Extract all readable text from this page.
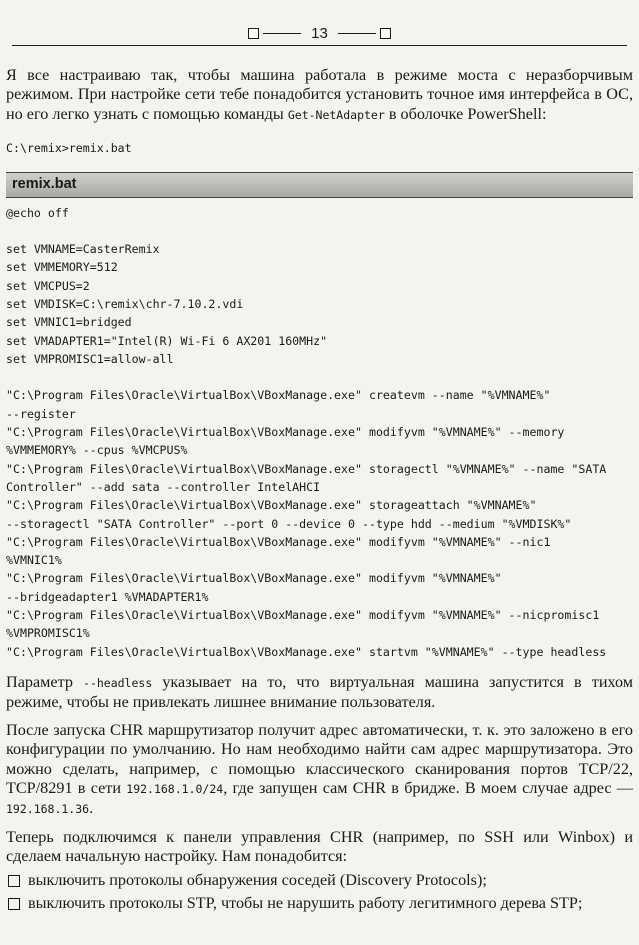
13

Я все настраиваю так, чтобы машина работала в режиме моста с неразборчивым режимом. При настройке сети тебе понадобится установить точное имя интерфейса в ОС, но его легко узнать с помощью команды Get-NetAdapter в оболочке PowerShell:

C:\remix>remix.bat

remix.bat

@echo off

set VMNAME=CasterRemix

set VMMEMORY=512

set VMCPUS=2

set VMDISK=C:\remix\chr-7.10.2.vdi

set VMNIC1=bridged

set VMADAPTER1="Intel(R) Wi-Fi 6 AX201 160MHz"

set VMPROMISC1=allow-all

"C:\Program Files\Oracle\VirtualBox\VBoxManage.exe" createvm --name "%VMNAME%"

--register

"C:\Program Files\Oracle\VirtualBox\VBoxManage.exe" modifyvm "%VMNAME%" --memory

%VMMEMORY% --cpus %VMCPUS%

"C:\Program Files\Oracle\VirtualBox\VBoxManage.exe" storagectl "%VMNAME%" --name "SATA

Controller" --add sata --controller IntelAHCI

"C:\Program Files\Oracle\VirtualBox\VBoxManage.exe" storageattach "%VMNAME%"

--storagectl "SATA Controller" --port 0 --device 0 --type hdd --medium "%VMDISK%"

"C:\Program Files\Oracle\VirtualBox\VBoxManage.exe" modifyvm "%VMNAME%" --nic1

%VMNIC1%

"C:\Program Files\Oracle\VirtualBox\VBoxManage.exe" modifyvm "%VMNAME%"

--bridgeadapter1 %VMADAPTER1%

"C:\Program Files\Oracle\VirtualBox\VBoxManage.exe" modifyvm "%VMNAME%" --nicpromisc1

%VMPROMISC1%

"C:\Program Files\Oracle\VirtualBox\VBoxManage.exe" startvm "%VMNAME%" --type headless

Параметр --headless указывает на то, что виртуальная машина запустится в тихом режиме, чтобы не привлекать лишнее внимание пользователя.

После запуска CHR маршрутизатор получит адрес автоматически, т. к. это заложено в его конфигурации по умолчанию. Но нам необходимо найти сам адрес маршрутизатора. Это можно сделать, например, с помощью классического сканирования портов TCP/22, TCP/8291 в сети 192.168.1.0/24, где запущен сам CHR в бридже. В моем случае адрес — 192.168.1.36.

Теперь подключимся к панели управления CHR (например, по SSH или Winbox) и сделаем начальную настройку. Нам понадобится:

выключить протоколы обнаружения соседей (Discovery Protocols);
выключить протоколы STP, чтобы не нарушить работу легитимного дерева STP;
